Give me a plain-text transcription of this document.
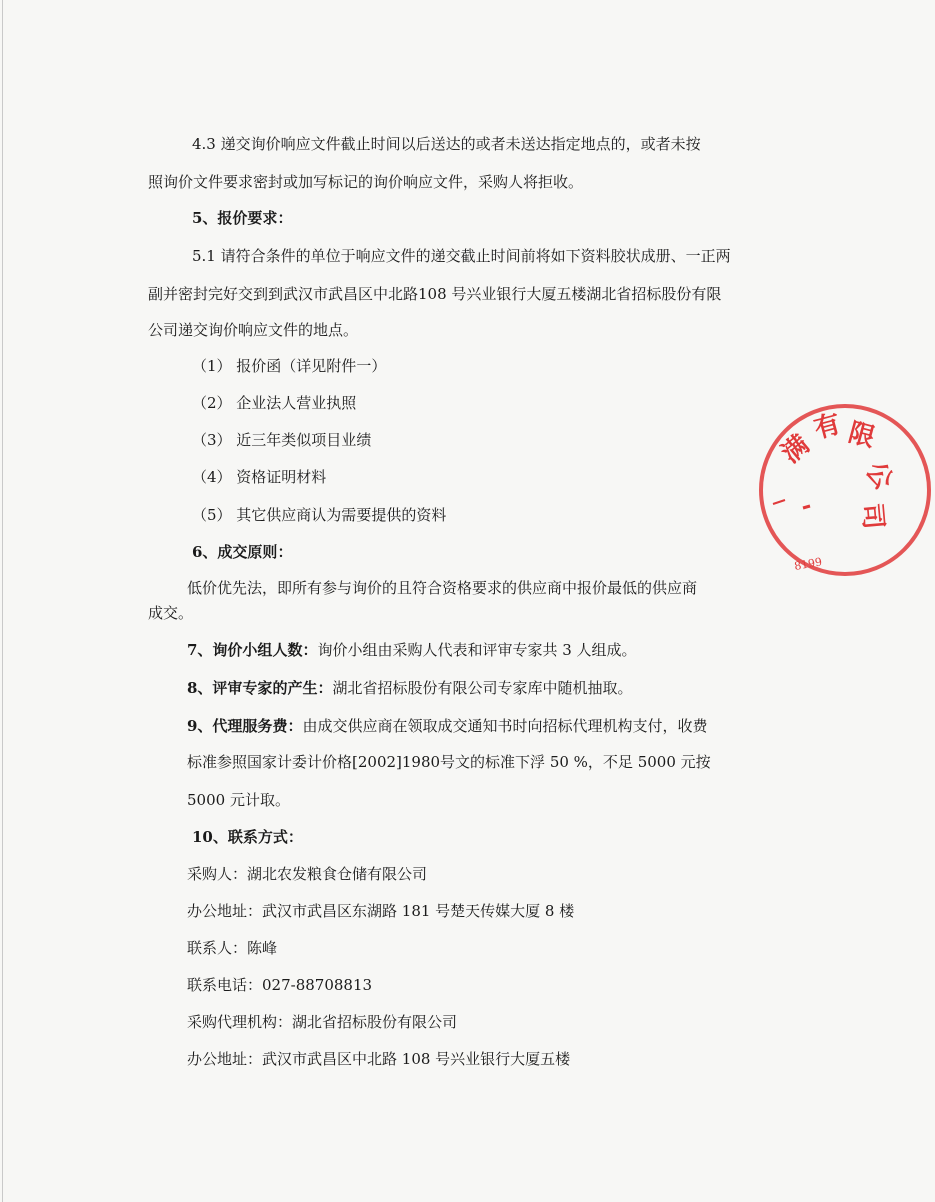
4.3 递交询价响应文件截止时间以后送达的或者未送达指定地点的，或者未按
照询价文件要求密封或加写标记的询价响应文件，采购人将拒收。
5、报价要求：
5.1 请符合条件的单位于响应文件的递交截止时间前将如下资料胶状成册、一正两
副并密封完好交到到武汉市武昌区中北路108 号兴业银行大厦五楼湖北省招标股份有限
公司递交询价响应文件的地点。
（1） 报价函（详见附件一）
（2） 企业法人营业执照
（3） 近三年类似项目业绩
（4） 资格证明材料
（5） 其它供应商认为需要提供的资料
6、成交原则：
低价优先法，即所有参与询价的且符合资格要求的供应商中报价最低的供应商
成交。
7、询价小组人数：询价小组由采购人代表和评审专家共 3 人组成。
8、评审专家的产生：湖北省招标股份有限公司专家库中随机抽取。
9、代理服务费：由成交供应商在领取成交通知书时向招标代理机构支付，收费
标准参照国家计委计价格[2002]1980号文的标准下浮 50 %，不足 5000 元按
5000 元计取。
10、联系方式：
采购人：湖北农发粮食仓储有限公司
办公地址：武汉市武昌区东湖路 181 号楚天传媒大厦 8 楼
联系人：陈峰
联系电话：027-88708813
采购代理机构：湖北省招标股份有限公司
办公地址：武汉市武昌区中北路 108 号兴业银行大厦五楼
满
有 限
公
司
8199
